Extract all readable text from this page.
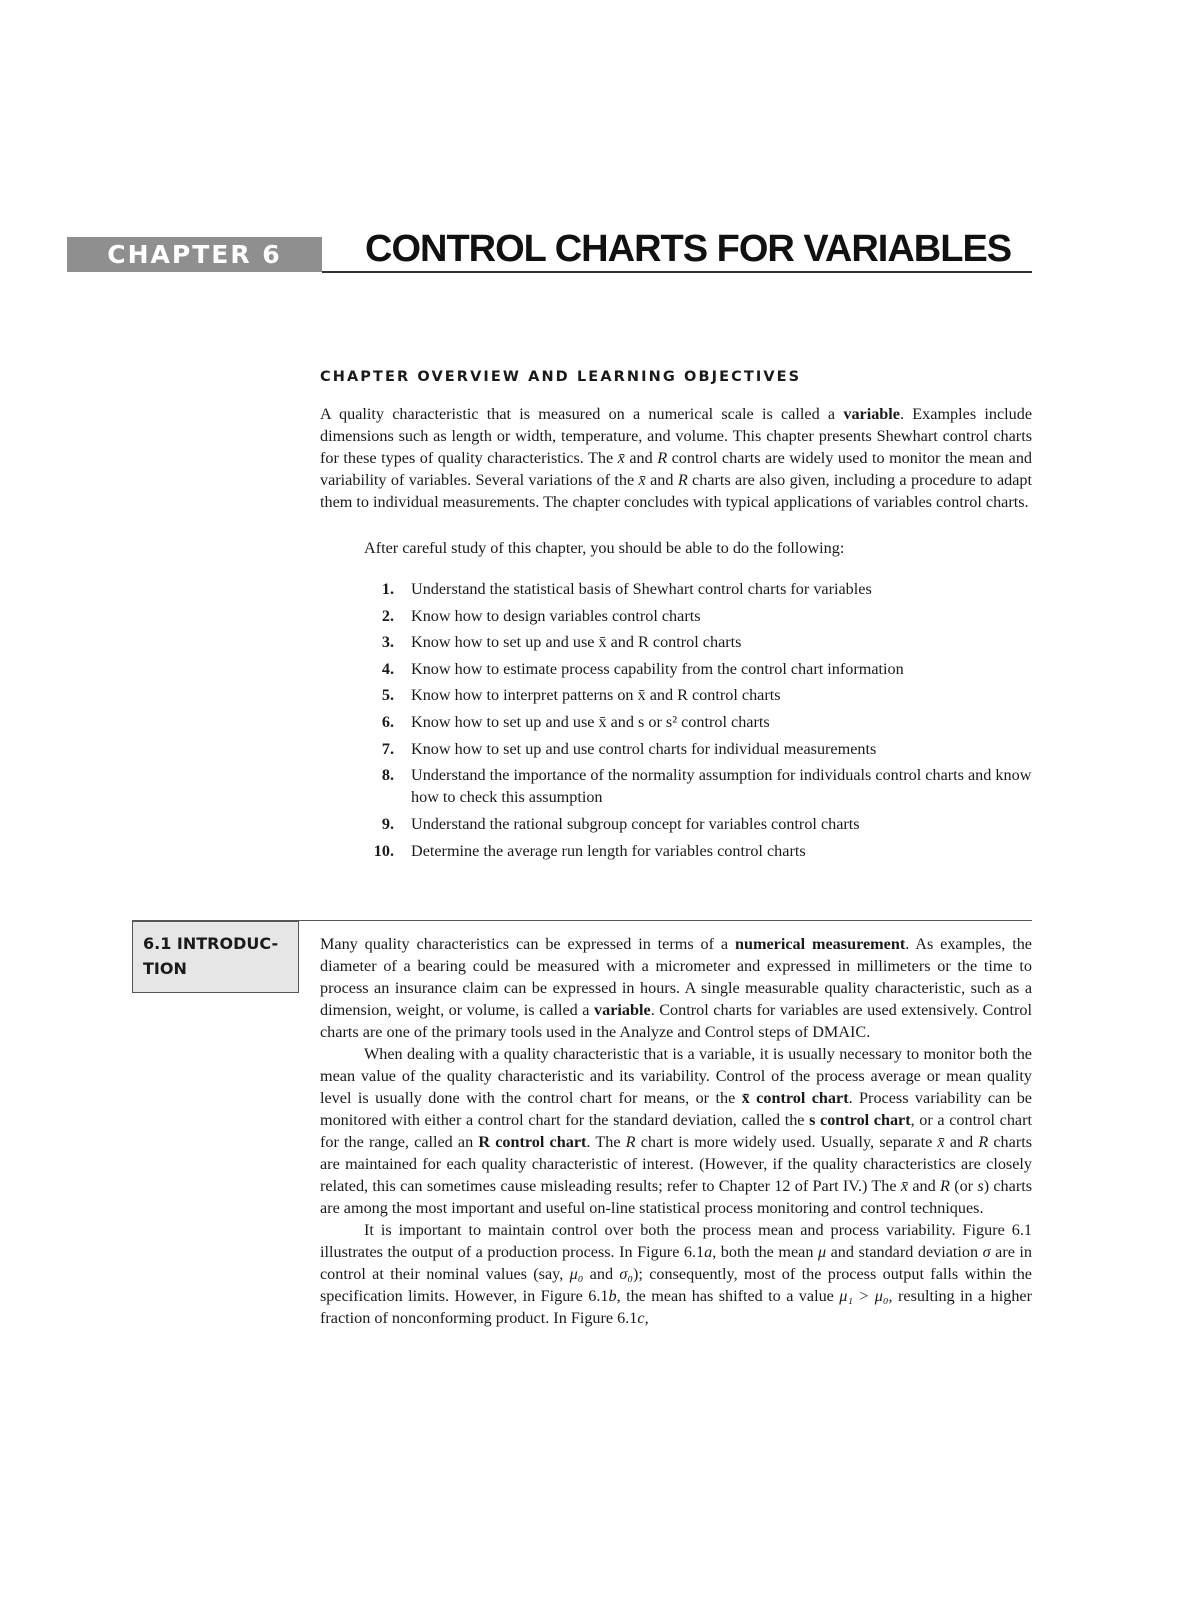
CHAPTER 6	CONTROL CHARTS FOR VARIABLES
CHAPTER OVERVIEW AND LEARNING OBJECTIVES

A quality characteristic that is measured on a numerical scale is called a variable. Examples include dimensions such as length or width, temperature, and volume. This chapter presents Shewhart control charts for these types of quality characteristics. The x̄ and R control charts are widely used to monitor the mean and variability of variables. Several variations of the x̄ and R charts are also given, including a procedure to adapt them to individual measurements. The chapter concludes with typical applications of variables control charts.

After careful study of this chapter, you should be able to do the following:

1. Understand the statistical basis of Shewhart control charts for variables
2. Know how to design variables control charts
3. Know how to set up and use x̄ and R control charts
4. Know how to estimate process capability from the control chart information
5. Know how to interpret patterns on x̄ and R control charts
6. Know how to set up and use x̄ and s or s² control charts
7. Know how to set up and use control charts for individual measurements
8. Understand the importance of the normality assumption for individuals control charts and know how to check this assumption
9. Understand the rational subgroup concept for variables control charts
10. Determine the average run length for variables control charts
6.1 INTRODUC-TION

Many quality characteristics can be expressed in terms of a numerical measurement. As examples, the diameter of a bearing could be measured with a micrometer and expressed in millimeters or the time to process an insurance claim can be expressed in hours. A single measurable quality characteristic, such as a dimension, weight, or volume, is called a variable. Control charts for variables are used extensively. Control charts are one of the primary tools used in the Analyze and Control steps of DMAIC.

When dealing with a quality characteristic that is a variable, it is usually necessary to monitor both the mean value of the quality characteristic and its variability. Control of the process average or mean quality level is usually done with the control chart for means, or the x̄ control chart. Process variability can be monitored with either a control chart for the standard deviation, called the s control chart, or a control chart for the range, called an R control chart. The R chart is more widely used. Usually, separate x̄ and R charts are maintained for each quality characteristic of interest. (However, if the quality characteristics are closely related, this can sometimes cause misleading results; refer to Chapter 12 of Part IV.) The x̄ and R (or s) charts are among the most important and useful on-line statistical process monitoring and control techniques.

It is important to maintain control over both the process mean and process variability. Figure 6.1 illustrates the output of a production process. In Figure 6.1a, both the mean μ and standard deviation σ are in control at their nominal values (say, μ₀ and σ₀); consequently, most of the process output falls within the specification limits. However, in Figure 6.1b, the mean has shifted to a value μ₁ > μ₀, resulting in a higher fraction of nonconforming product. In Figure 6.1c,
